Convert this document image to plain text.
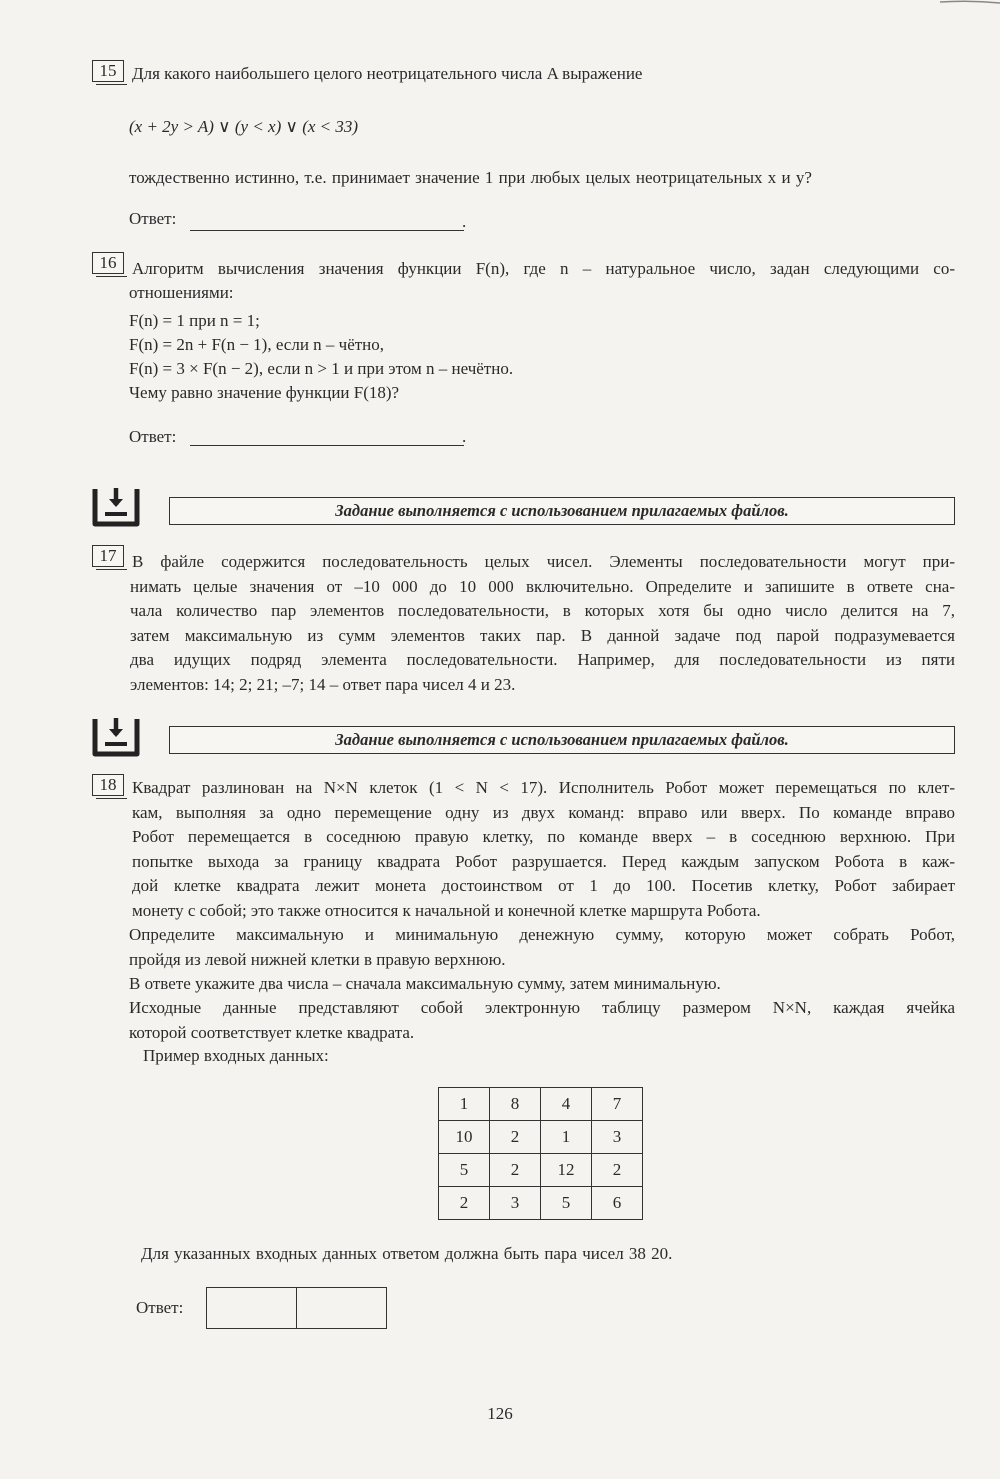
15 Для какого наибольшего целого неотрицательного числа A выражение
(x + 2y > A) ∨ (y < x) ∨ (x < 33)
тождественно истинно, т.е. принимает значение 1 при любых целых неотрицательных x и y?
Ответ:	.
16 Алгоритм вычисления значения функции F(n), где n – натуральное число, задан следующими со-
отношениями:
F(n) = 1 при n = 1;
F(n) = 2n + F(n − 1), если n – чётно,
F(n) = 3 × F(n − 2), если n > 1 и при этом n – нечётно.
Чему равно значение функции F(18)?
Ответ:	.
Задание выполняется с использованием прилагаемых файлов.
17 В файле содержится последовательность целых чисел. Элементы последовательности могут при-
нимать целые значения от –10 000 до 10 000 включительно. Определите и запишите в ответе сна-
чала количество пар элементов последовательности, в которых хотя бы одно число делится на 7,
затем максимальную из сумм элементов таких пар. В данной задаче под парой подразумевается
два идущих подряд элемента последовательности. Например, для последовательности из пяти
элементов: 14; 2; 21; –7; 14 – ответ пара чисел 4 и 23.
Задание выполняется с использованием прилагаемых файлов.
18 Квадрат разлинован на N×N клеток (1 < N < 17). Исполнитель Робот может перемещаться по клет-
кам, выполняя за одно перемещение одну из двух команд: вправо или вверх. По команде вправо
Робот перемещается в соседнюю правую клетку, по команде вверх – в соседнюю верхнюю. При
попытке выхода за границу квадрата Робот разрушается. Перед каждым запуском Робота в каж-
дой клетке квадрата лежит монета достоинством от 1 до 100. Посетив клетку, Робот забирает
монету с собой; это также относится к начальной и конечной клетке маршрута Робота.
Определите максимальную и минимальную денежную сумму, которую может собрать Робот,
пройдя из левой нижней клетки в правую верхнюю.
В ответе укажите два числа – сначала максимальную сумму, затем минимальную.
Исходные данные представляют собой электронную таблицу размером N×N, каждая ячейка
которой соответствует клетке квадрата.
Пример входных данных:
1	8	4	7
10	2	1	3
5	2	12	2
2	3	5	6
Для указанных входных данных ответом должна быть пара чисел 38 20.
Ответ:
126
